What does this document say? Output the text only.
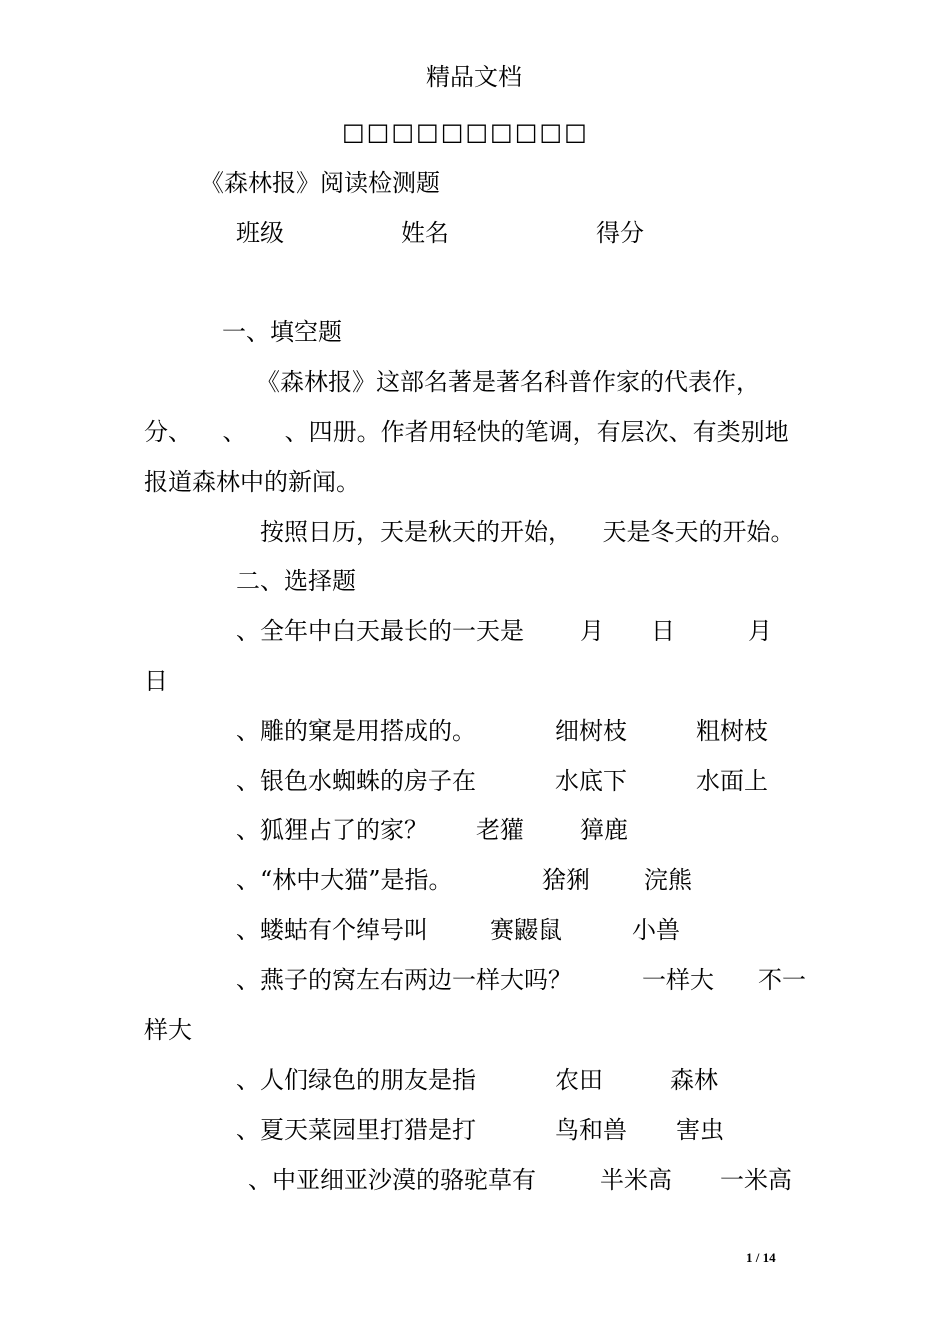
精品文档
□□□□□□□□□□
《森林报》阅读检测题
班级	姓名	得分
一、填空题
《森林报》这部名著是著名科普作家的代表作，
分、    、     、四册。作者用轻快的笔调，有层次、有类别地
报道森林中的新闻。
按照日历，天是秋天的开始，    天是冬天的开始。
二、选择题
、全年中白天最长的一天是 月 日	月
日
、雕的窠是用搭成的。	细树枝	粗树枝
、银色水蜘蛛的房子在	水底下	水面上
、狐狸占了的家？ 老獾 獐鹿
、“林中大猫”是指。	猞猁 浣熊
、蝼蛄有个绰号叫	赛鼹鼠	小兽
、燕子的窝左右两边一样大吗？	一样大 不一
样大
、人们绿色的朋友是指	农田	森林
、夏天菜园里打猎是打	鸟和兽 害虫
、中亚细亚沙漠的骆驼草有	半米高 一米高
1 / 14
